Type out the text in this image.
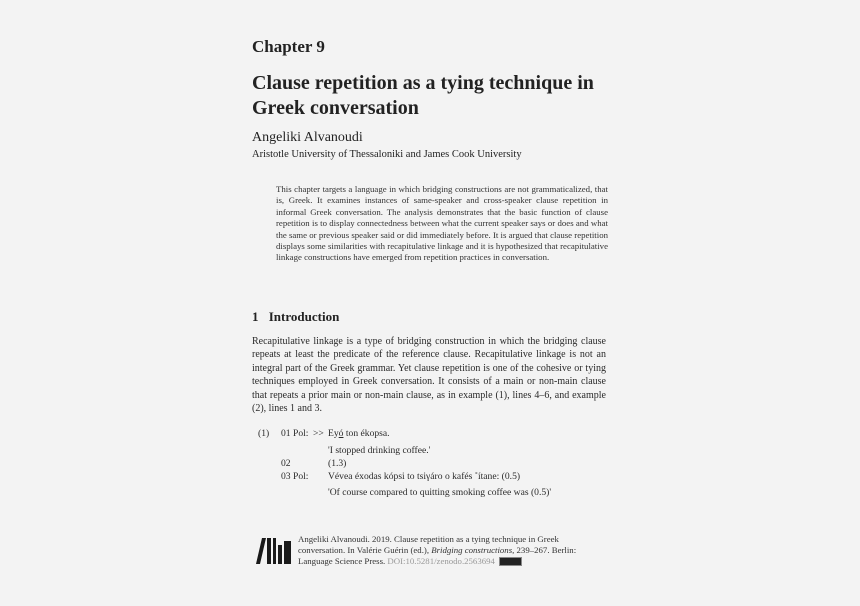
Chapter 9
Clause repetition as a tying technique in Greek conversation
Angeliki Alvanoudi
Aristotle University of Thessaloniki and James Cook University
This chapter targets a language in which bridging constructions are not grammaticalized, that is, Greek. It examines instances of same-speaker and cross-speaker clause repetition in informal Greek conversation. The analysis demonstrates that the basic function of clause repetition is to display connectedness between what the current speaker says or does and what the same or previous speaker said or did immediately before. It is argued that clause repetition displays some similarities with recapitulative linkage and it is hypothesized that recapitulative linkage constructions have emerged from repetition practices in conversation.
1 Introduction
Recapitulative linkage is a type of bridging construction in which the bridging clause repeats at least the predicate of the reference clause. Recapitulative linkage is not an integral part of the Greek grammar. Yet clause repetition is one of the cohesive or tying techniques employed in Greek conversation. It consists of a main or non-main clause that repeats a prior main or non-main clause, as in example (1), lines 4–6, and example (2), lines 1 and 3.
(1) 01 Pol: >> Eyó ton ékopsa.
'I stopped drinking coffee.'
02	(1.3)
03 Pol: Vévea éxodas kópsi to tsiγáro o kafés ˚ítane: (0.5)
'Of course compared to quitting smoking coffee was (0.5)'
Angeliki Alvanoudi. 2019. Clause repetition as a tying technique in Greek conversation. In Valérie Guérin (ed.), Bridging constructions, 239–267. Berlin: Language Science Press. DOI:10.5281/zenodo.2563694
